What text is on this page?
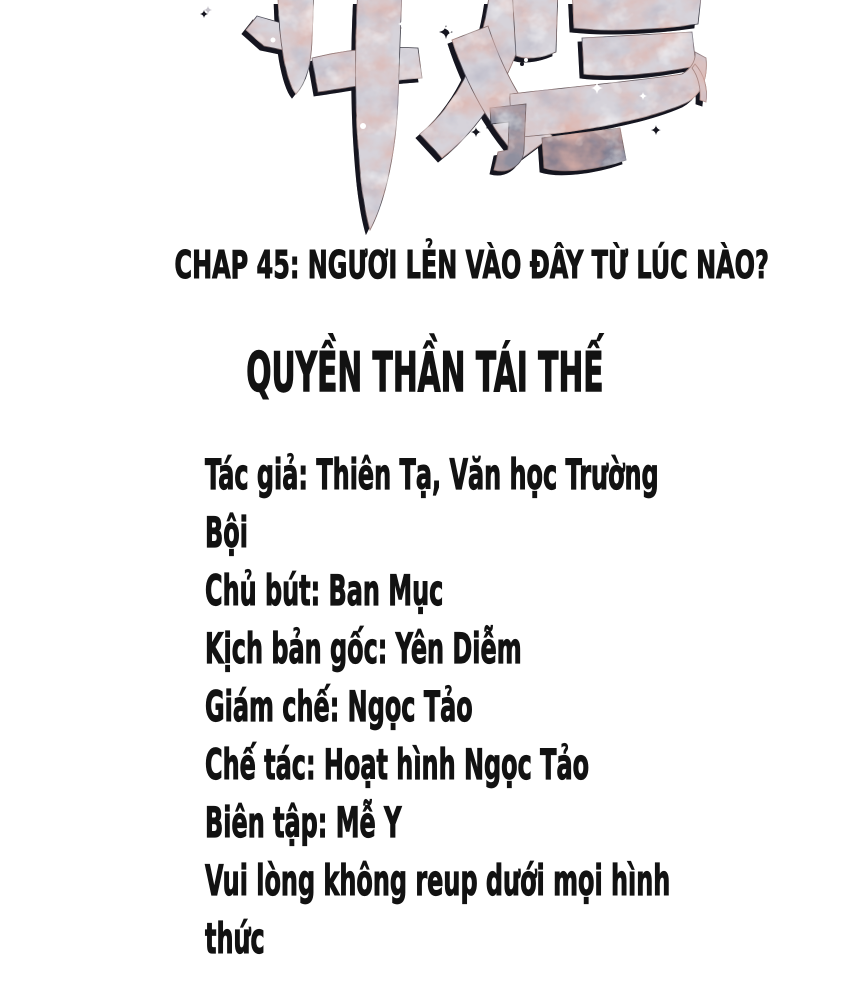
CHAP 45: NGƯƠI LẺN VÀO ĐÂY TỪ LÚC NÀO?
QUYỀN THẦN TÁI THẾ
Tác giả: Thiên Tạ, Văn học Trường
Bội
Chủ bút: Ban Mục
Kịch bản gốc: Yên Diễm
Giám chế: Ngọc Tảo
Chế tác: Hoạt hình Ngọc Tảo
Biên tập: Mễ Y
Vui lòng không reup dưới mọi hình
thức
